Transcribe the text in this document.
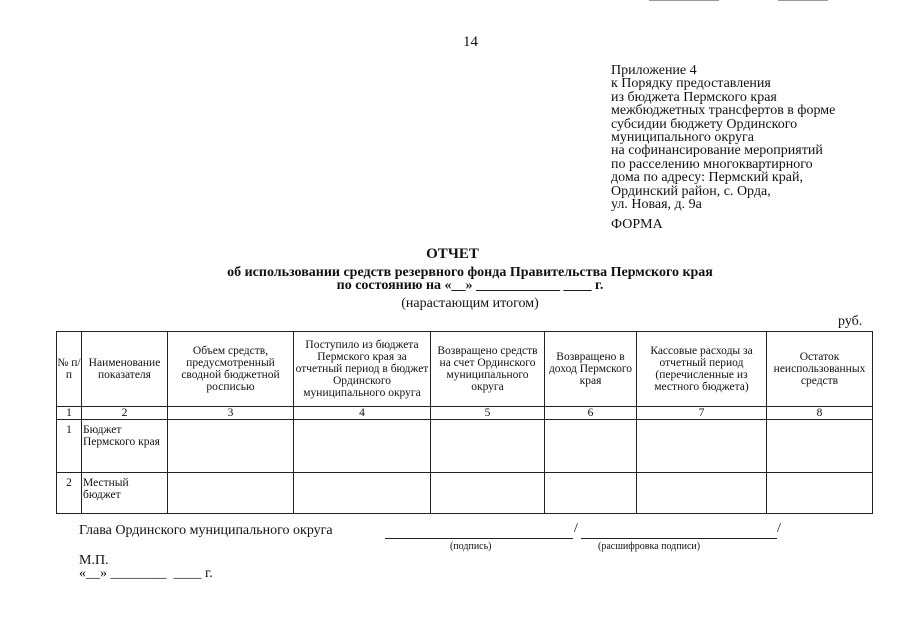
14
Приложение 4
к Порядку предоставления
из бюджета Пермского края
межбюджетных трансфертов в форме
субсидии бюджету Ординского
муниципального округа
на софинансирование мероприятий
по расселению многоквартирного
дома по адресу: Пермский край,
Ординский район, с. Орда,
ул. Новая, д. 9а
ФОРМА
ОТЧЕТ
об использовании средств резервного фонда Правительства Пермского края
по состоянию на «__» ____________ ____ г.
(нарастающим итогом)
руб.
№ п/п	Наименование показателя	Объем средств, предусмотренный сводной бюджетной росписью	Поступило из бюджета Пермского края за отчетный период в бюджет Ординского муниципального округа	Возвращено средств на счет Ординского муниципального округа	Возвращено в доход Пермского края	Кассовые расходы за отчетный период (перечисленные из местного бюджета)	Остаток неиспользованных средств
1	2	3	4	5	6	7	8
1	Бюджет Пермского края						
2	Местный бюджет						
Глава Ординского муниципального округа	/	/
(подпись)	(расшифровка подписи)
М.П.
«__» ________  ____ г.
